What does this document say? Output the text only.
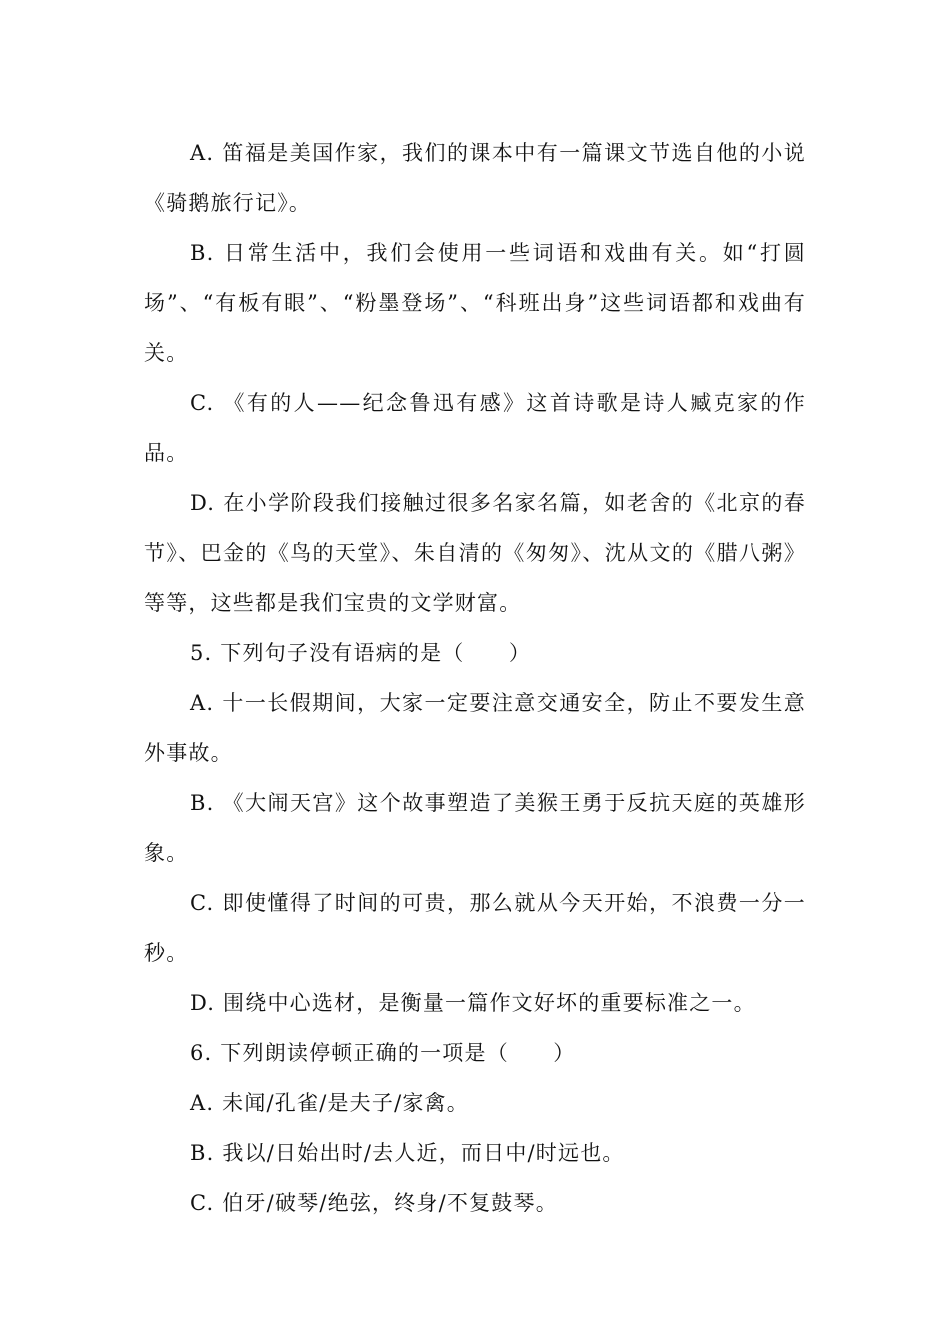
A. 笛福是美国作家，我们的课本中有一篇课文节选自他的小说《骑鹅旅行记》。

B. 日常生活中，我们会使用一些词语和戏曲有关。如“打圆场”、“有板有眼”、“粉墨登场”、“科班出身”这些词语都和戏曲有关。

C. 《有的人——纪念鲁迅有感》这首诗歌是诗人臧克家的作品。

D. 在小学阶段我们接触过很多名家名篇，如老舍的《北京的春节》、巴金的《鸟的天堂》、朱自清的《匆匆》、沈从文的《腊八粥》等等，这些都是我们宝贵的文学财富。

5. 下列句子没有语病的是（　　）

A. 十一长假期间，大家一定要注意交通安全，防止不要发生意外事故。

B. 《大闹天宫》这个故事塑造了美猴王勇于反抗天庭的英雄形象。

C. 即使懂得了时间的可贵，那么就从今天开始，不浪费一分一秒。

D. 围绕中心选材，是衡量一篇作文好坏的重要标准之一。

6. 下列朗读停顿正确的一项是（　　）

A. 未闻/孔雀/是夫子/家禽。

B. 我以/日始出时/去人近，而日中/时远也。

C. 伯牙/破琴/绝弦，终身/不复鼓琴。
